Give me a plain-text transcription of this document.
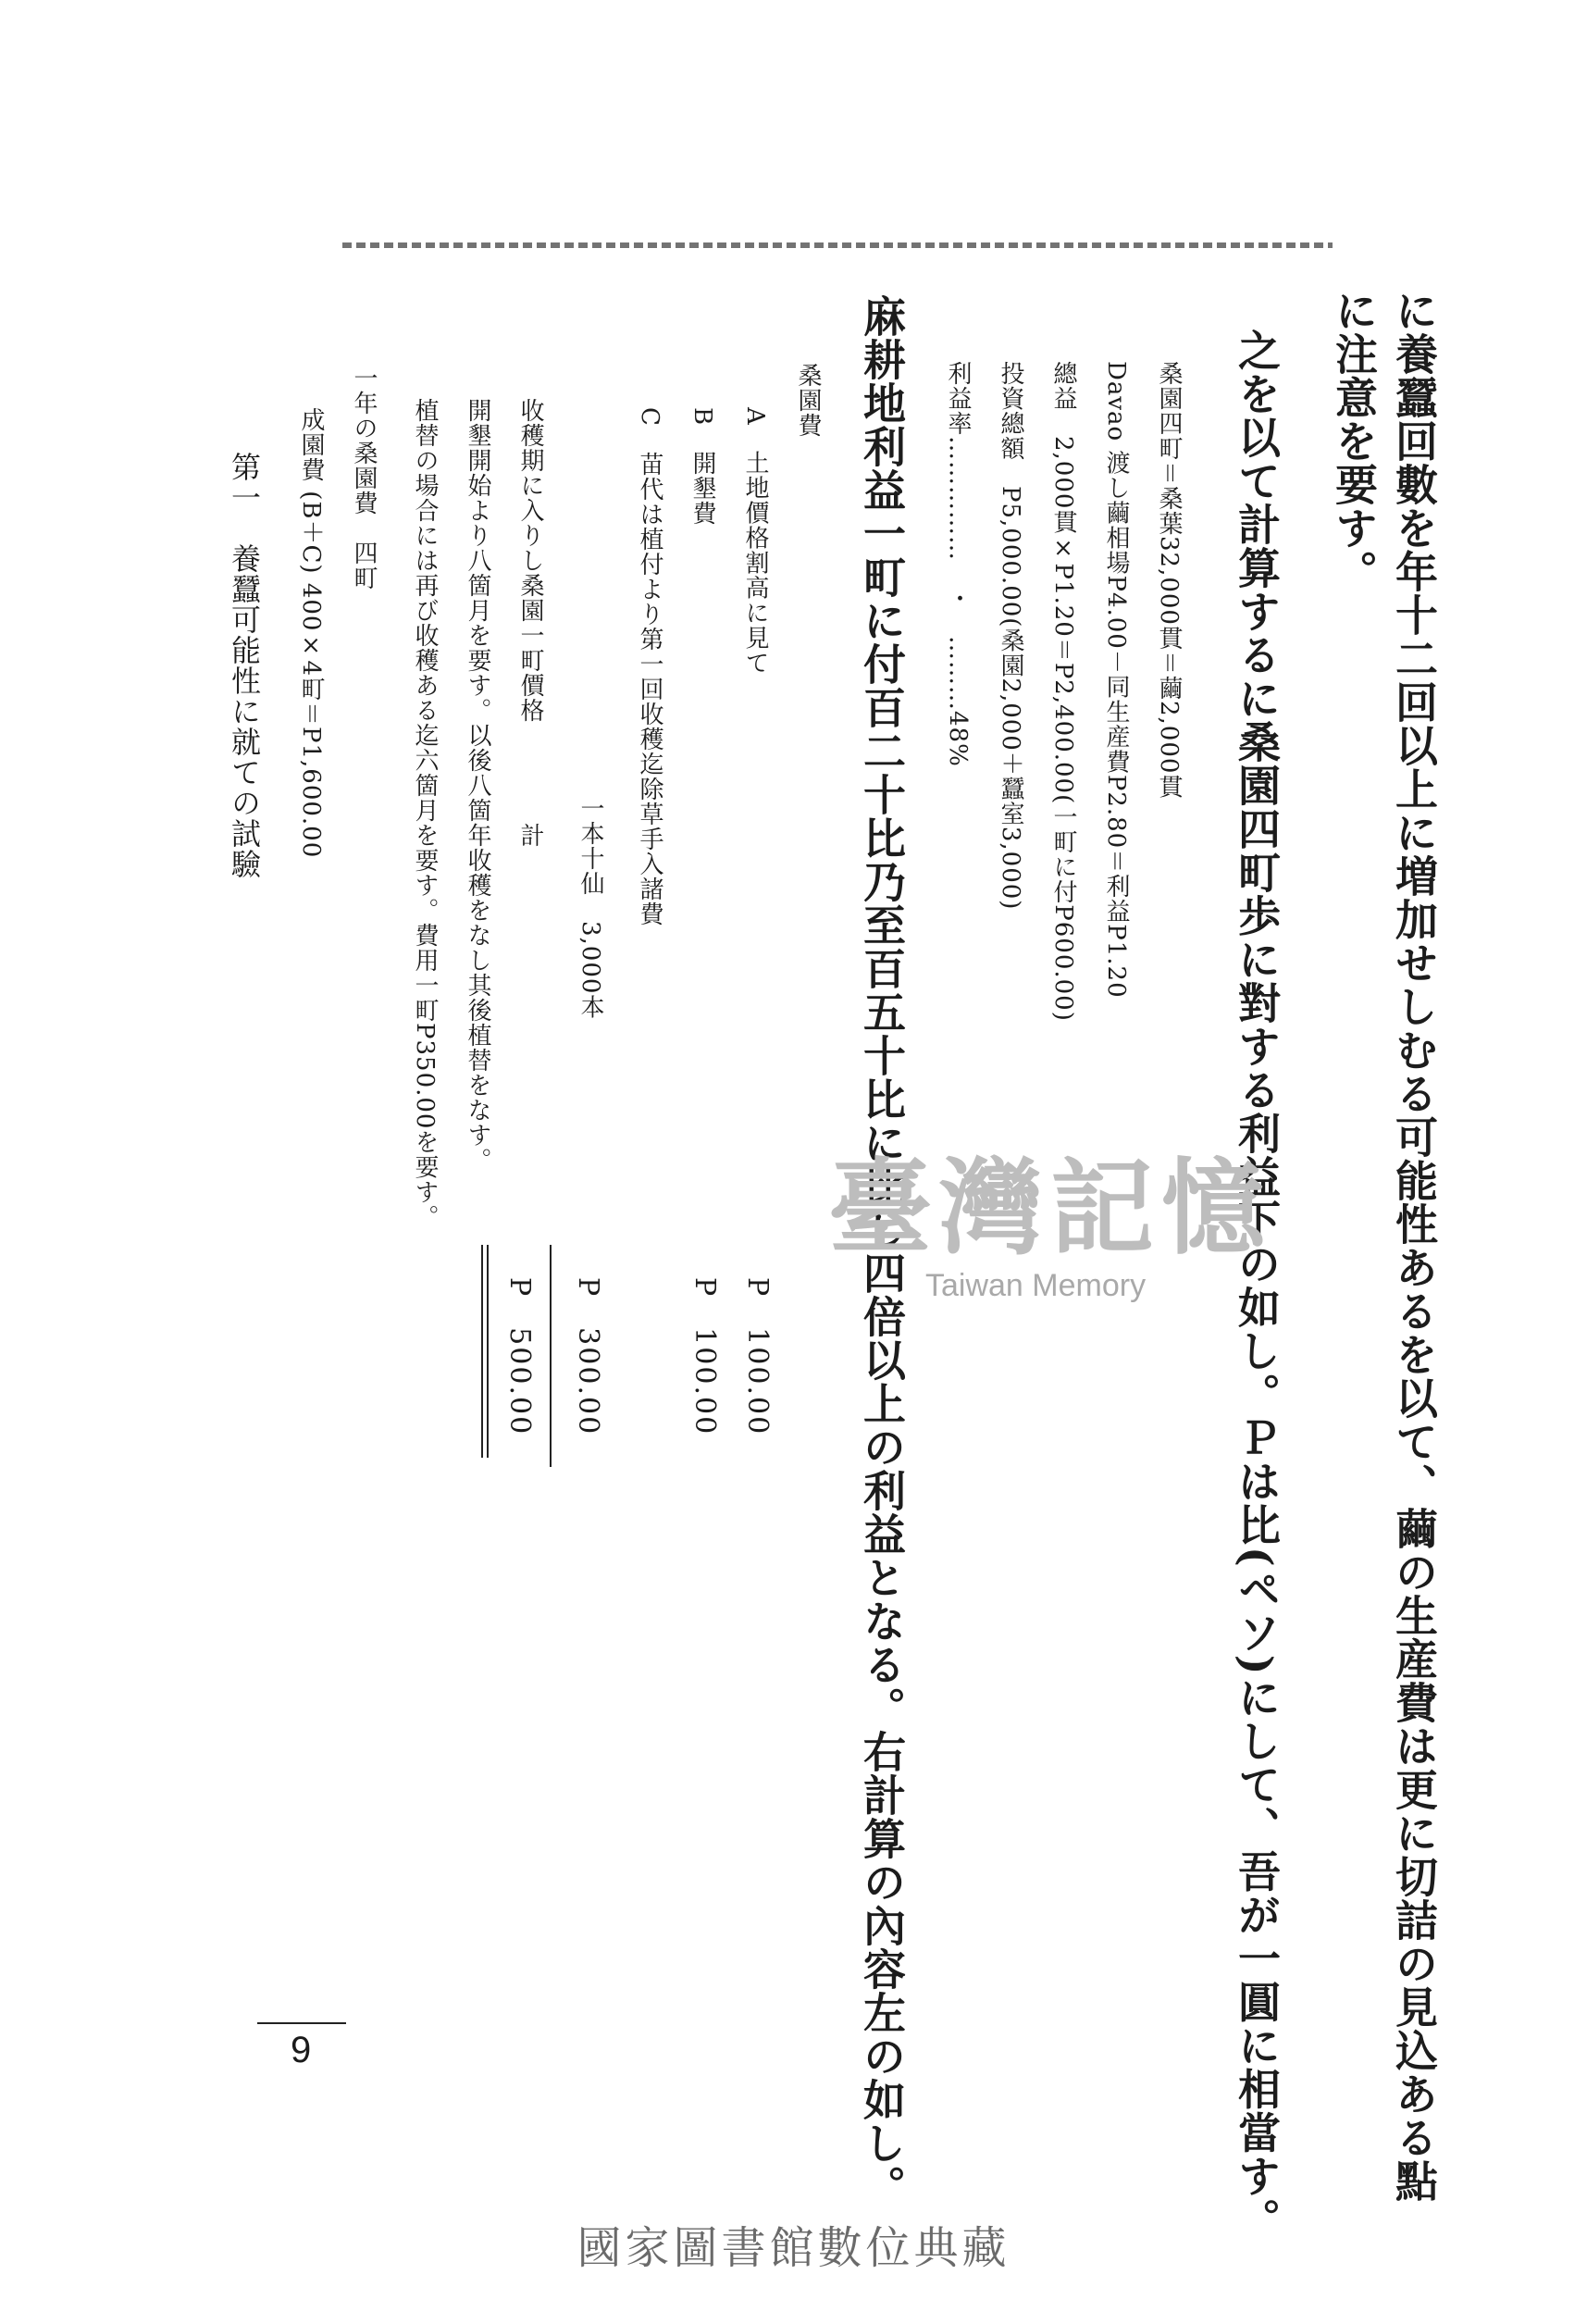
に養蠶回數を年十二回以上に増加せしむる可能性あるを以て、繭の生産費は更に切詰の見込ある點
に注意を要す。
之を以て計算するに桑園四町歩に對する利益下の如し。Ｐは比(ペソ)にして、吾が一圓に相當す。
桑園四町＝桑葉32,000貫＝繭2,000貫
Davao 渡し繭相場P4.00－同生産費P2.80＝利益P1.20
總益　2,000貫×P1.20＝P2,400.00(一町に付P600.00)
投資總額　P5,000.00(桑園2,000＋蠶室3,000)
利益率……………　・　………48%
麻耕地利益一町に付百二十比乃至百五十比に比し四倍以上の利益となる。右計算の內容左の如し。
桑園費
A　土地價格割高に見て
B　開墾費
C　苗代は植付より第一回收穫迄除草手入諸費
一本十仙　3,000本
收穫期に入りし桑園一町價格　　　　計
開墾開始より八箇月を要す。以後八箇年收穫をなし其後植替をなす。
植替の場合には再び收穫ある迄六箇月を要す。費用一町P350.00を要す。
一年の桑園費　四町
成園費 (B＋C) 400×4町＝P1,600.00
第一　養蠶可能性に就ての試驗
P　100.00
P　100.00
P　300.00
P　500.00
9
臺灣記憶
Taiwan Memory
國家圖書館數位典藏
